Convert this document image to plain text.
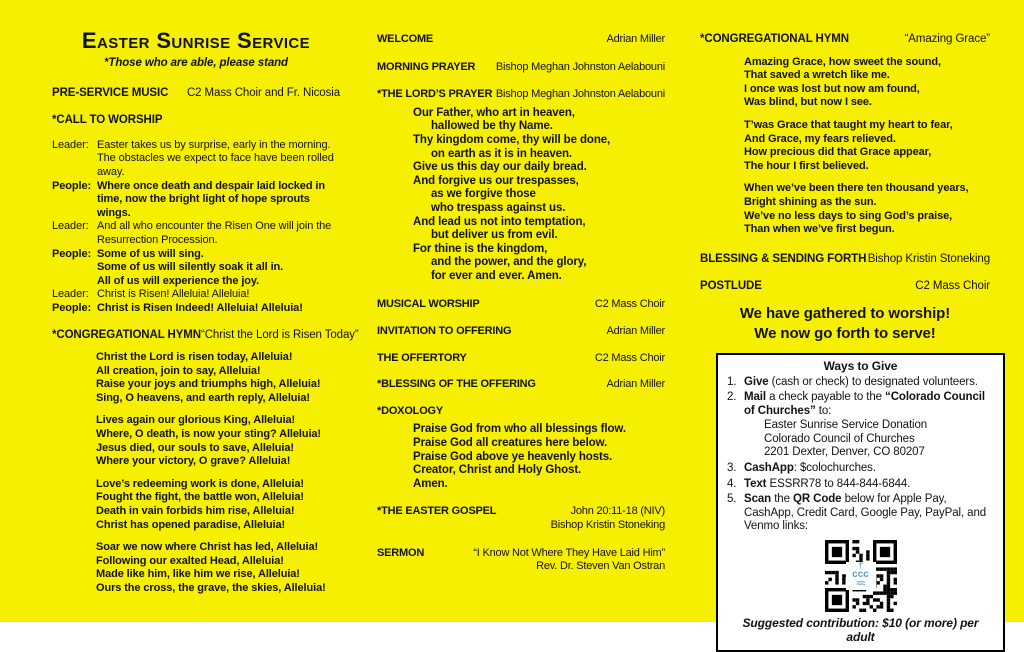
Easter Sunrise Service
*Those who are able, please stand
PRE-SERVICE MUSIC C2 Mass Choir and Fr. Nicosia
*CALL TO WORSHIP
Leader: Easter takes us by surprise, early in the morning. The obstacles we expect to face have been rolled away.
People: Where once death and despair laid locked in time, now the bright light of hope sprouts wings.
Leader: And all who encounter the Risen One will join the Resurrection Procession.
People: Some of us will sing.
Some of us will silently soak it all in.
All of us will experience the joy.
Leader: Christ is Risen! Alleluia! Alleluia!
People: Christ is Risen Indeed! Alleluia! Alleluia!
*CONGREGATIONAL HYMN “Christ the Lord is Risen Today”
Christ the Lord is risen today, Alleluia!
All creation, join to say, Alleluia!
Raise your joys and triumphs high, Alleluia!
Sing, O heavens, and earth reply, Alleluia!
Lives again our glorious King, Alleluia!
Where, O death, is now your sting? Alleluia!
Jesus died, our souls to save, Alleluia!
Where your victory, O grave? Alleluia!
Love’s redeeming work is done, Alleluia!
Fought the fight, the battle won, Alleluia!
Death in vain forbids him rise, Alleluia!
Christ has opened paradise, Alleluia!
Soar we now where Christ has led, Alleluia!
Following our exalted Head, Alleluia!
Made like him, like him we rise, Alleluia!
Ours the cross, the grave, the skies, Alleluia!
WELCOME	Adrian Miller
MORNING PRAYER Bishop Meghan Johnston Aelabouni
*THE LORD’S PRAYER Bishop Meghan Johnston Aelabouni
Our Father, who art in heaven,
hallowed be thy Name.
Thy kingdom come, thy will be done,
on earth as it is in heaven.
Give us this day our daily bread.
And forgive us our trespasses,
as we forgive those
who trespass against us.
And lead us not into temptation,
but deliver us from evil.
For thine is the kingdom,
and the power, and the glory,
for ever and ever. Amen.
MUSICAL WORSHIP	C2 Mass Choir
INVITATION TO OFFERING	Adrian Miller
THE OFFERTORY	C2 Mass Choir
*BLESSING OF THE OFFERING	Adrian Miller
*DOXOLOGY
Praise God from who all blessings flow.
Praise God all creatures here below.
Praise God above ye heavenly hosts.
Creator, Christ and Holy Ghost.
Amen.
*THE EASTER GOSPEL	John 20:11-18 (NIV)
Bishop Kristin Stoneking
SERMON	“I Know Not Where They Have Laid Him”
Rev. Dr. Steven Van Ostran
*CONGREGATIONAL HYMN	“Amazing Grace”
Amazing Grace, how sweet the sound,
That saved a wretch like me.
I once was lost but now am found,
Was blind, but now I see.
T’was Grace that taught my heart to fear,
And Grace, my fears relieved.
How precious did that Grace appear,
The hour I first believed.
When we’ve been there ten thousand years,
Bright shining as the sun.
We’ve no less days to sing God’s praise,
Than when we’ve first begun.
BLESSING & SENDING FORTH Bishop Kristin Stoneking
POSTLUDE	C2 Mass Choir
We have gathered to worship!
We now go forth to serve!
Ways to Give
1. Give (cash or check) to designated volunteers.
2. Mail a check payable to the “Colorado Council of Churches” to:
Easter Sunrise Service Donation
Colorado Council of Churches
2201 Dexter, Denver, CO 80207
3. CashApp: $colochurches.
4. Text ESSRR78 to 844-844-6844.
5. Scan the QR Code below for Apple Pay, CashApp, Credit Card, Google Pay, PayPal, and Venmo links:
†
ccc
≈≈
Suggested contribution: $10 (or more) per adult
